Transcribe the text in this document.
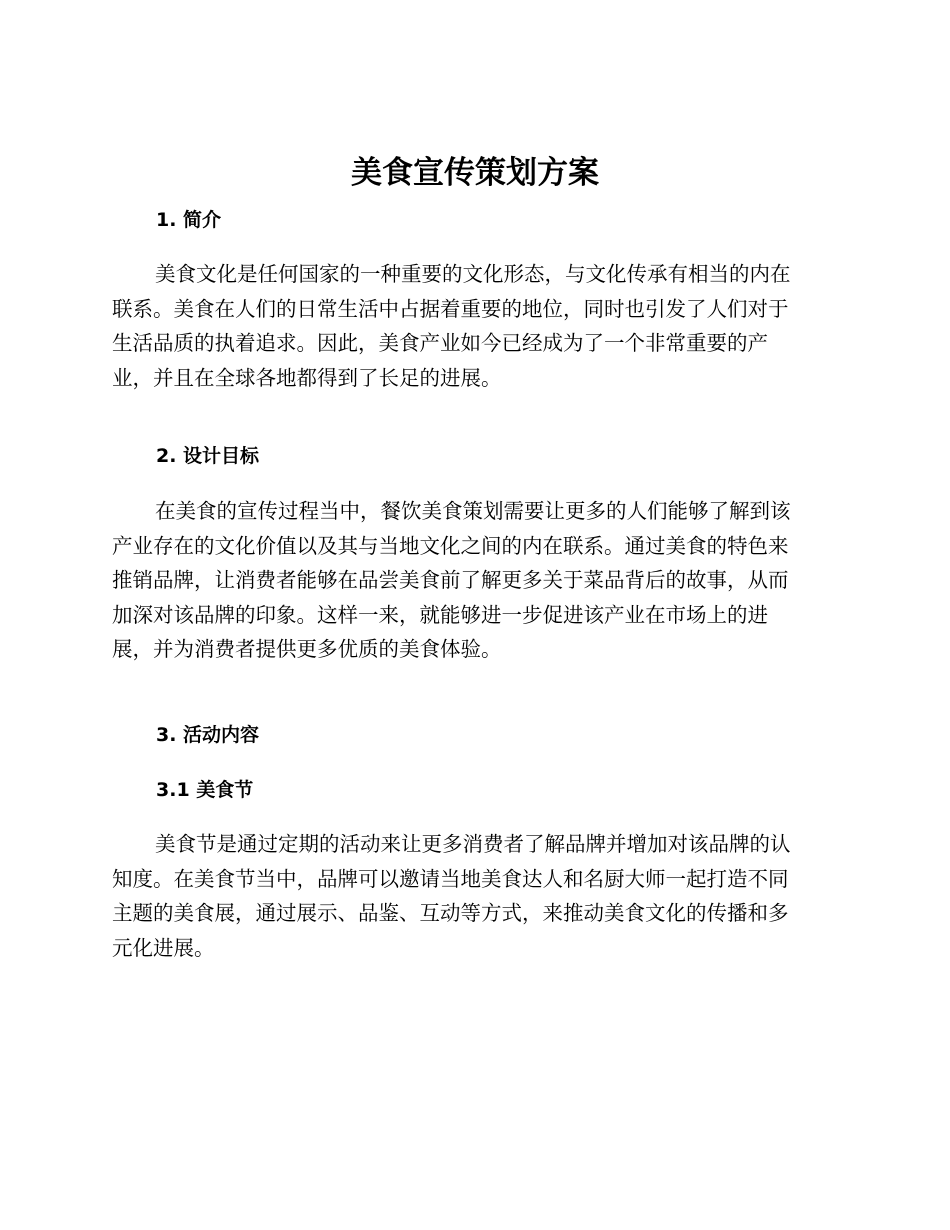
美食宣传策划方案
1. 简介

美食文化是任何国家的一种重要的文化形态，与文化传承有相当的内在
联系。美食在人们的日常生活中占据着重要的地位，同时也引发了人们对于
生活品质的执着追求。因此，美食产业如今已经成为了一个非常重要的产
业，并且在全球各地都得到了长足的进展。

2. 设计目标

在美食的宣传过程当中，餐饮美食策划需要让更多的人们能够了解到该
产业存在的文化价值以及其与当地文化之间的内在联系。通过美食的特色来
推销品牌，让消费者能够在品尝美食前了解更多关于菜品背后的故事，从而
加深对该品牌的印象。这样一来，就能够进一步促进该产业在市场上的进
展，并为消费者提供更多优质的美食体验。

3. 活动内容
3.1 美食节

美食节是通过定期的活动来让更多消费者了解品牌并增加对该品牌的认
知度。在美食节当中，品牌可以邀请当地美食达人和名厨大师一起打造不同
主题的美食展，通过展示、品鉴、互动等方式，来推动美食文化的传播和多
元化进展。
